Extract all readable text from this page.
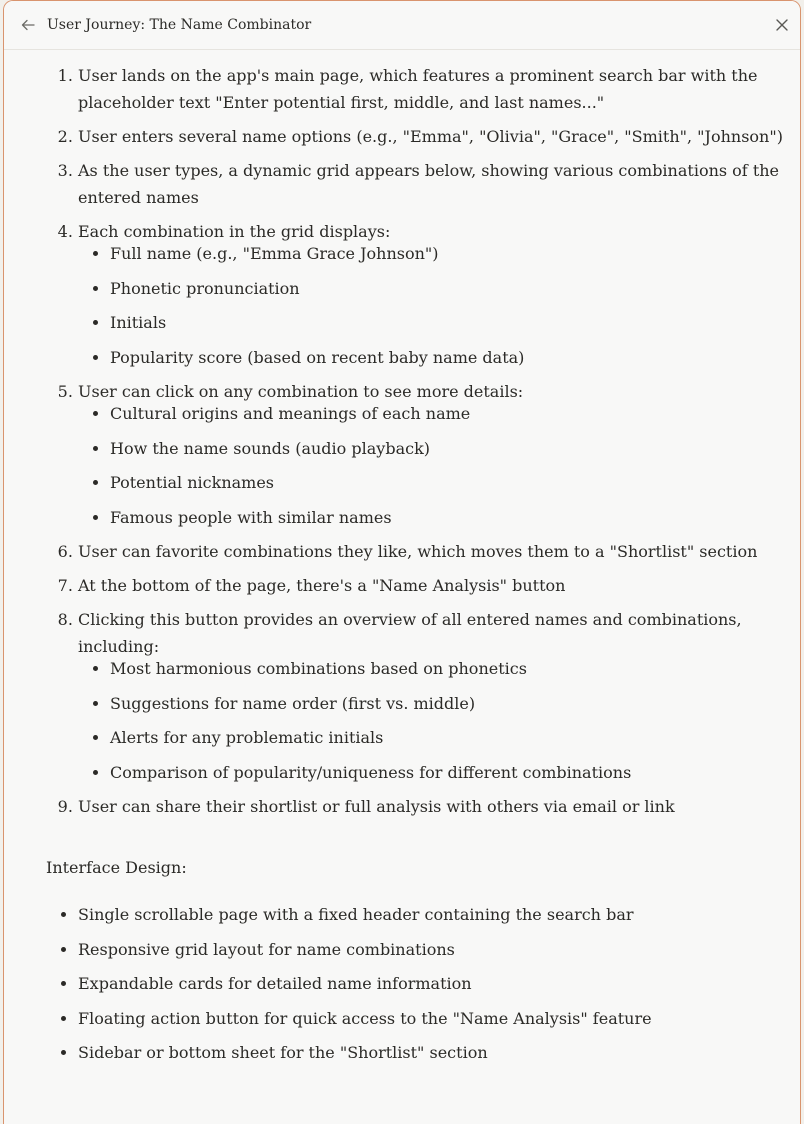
User Journey: The Name Combinator
1. User lands on the app's main page, which features a prominent search bar with the placeholder text "Enter potential first, middle, and last names..."
2. User enters several name options (e.g., "Emma", "Olivia", "Grace", "Smith", "Johnson")
3. As the user types, a dynamic grid appears below, showing various combinations of the entered names
4. Each combination in the grid displays:
• Full name (e.g., "Emma Grace Johnson")
• Phonetic pronunciation
• Initials
• Popularity score (based on recent baby name data)
5. User can click on any combination to see more details:
• Cultural origins and meanings of each name
• How the name sounds (audio playback)
• Potential nicknames
• Famous people with similar names
6. User can favorite combinations they like, which moves them to a "Shortlist" section
7. At the bottom of the page, there's a "Name Analysis" button
8. Clicking this button provides an overview of all entered names and combinations, including:
• Most harmonious combinations based on phonetics
• Suggestions for name order (first vs. middle)
• Alerts for any problematic initials
• Comparison of popularity/uniqueness for different combinations
9. User can share their shortlist or full analysis with others via email or link
Interface Design:
• Single scrollable page with a fixed header containing the search bar
• Responsive grid layout for name combinations
• Expandable cards for detailed name information
• Floating action button for quick access to the "Name Analysis" feature
• Sidebar or bottom sheet for the "Shortlist" section
